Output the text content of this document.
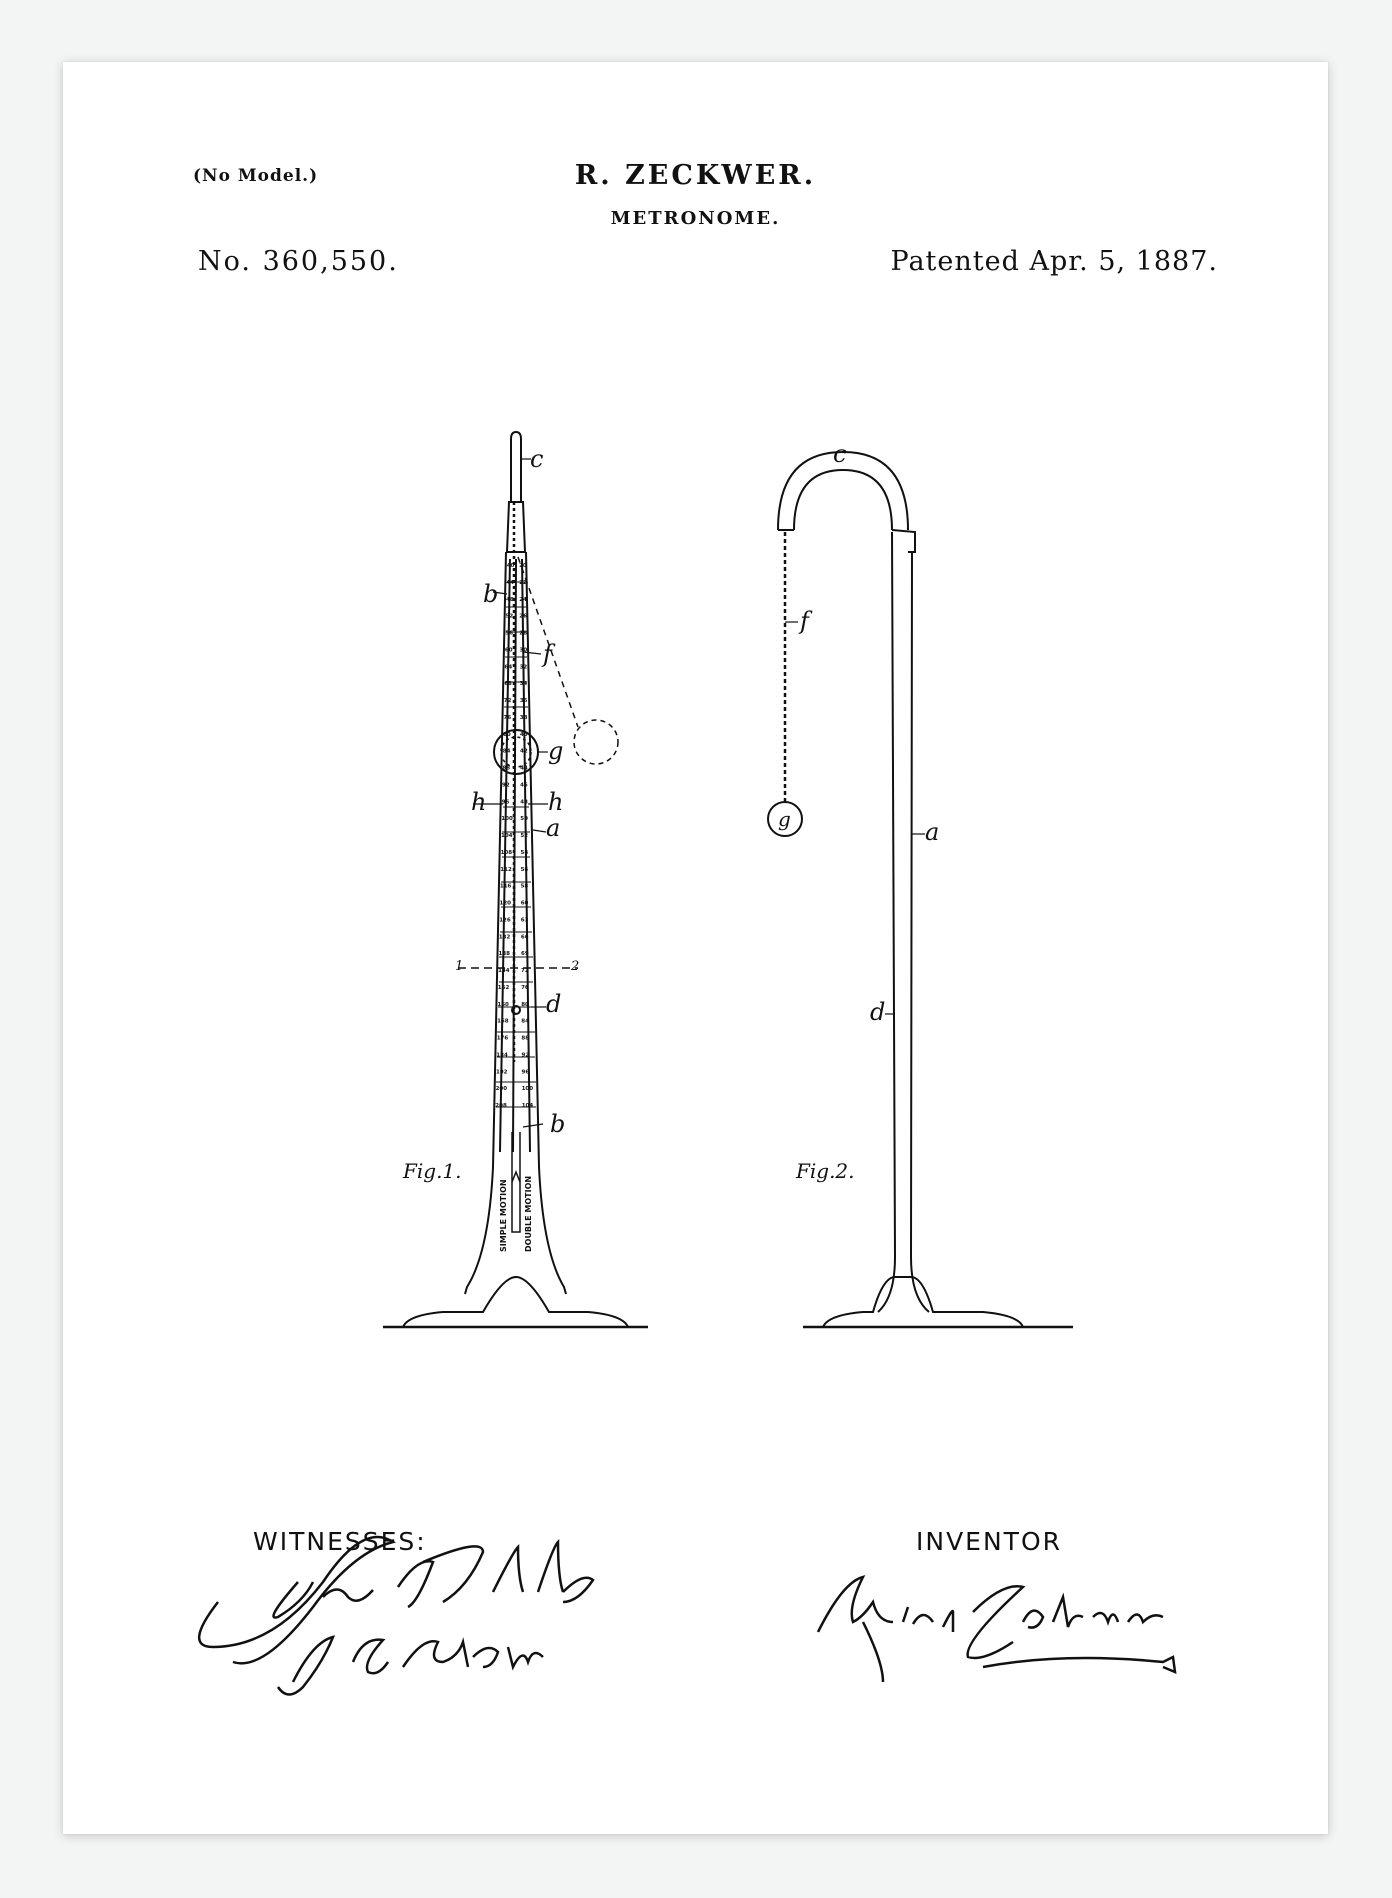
(No Model.)	R. ZECKWER.
METRONOME.
No. 360,550.	Patented Apr. 5, 1887.
c
b
f
g
h	h
a
d
b
1	2
c
f
g	a
d
40 20
44 22
48 24
52 26
56 28
60 30
64 32
68 34
72 36
76 38
80 40
84 42
88 44
92 46
96 48
100 50
104 52
108 54
112 56
116 58
120 60
126 63
132 66
138 69
144 72
152 76
160 80
168 84
176 88
184 92
192	96
200	100
208	104
SIMPLE MOTION DOUBLE MOTION
Fig.1.	Fig.2.
WITNESSES:	INVENTOR
